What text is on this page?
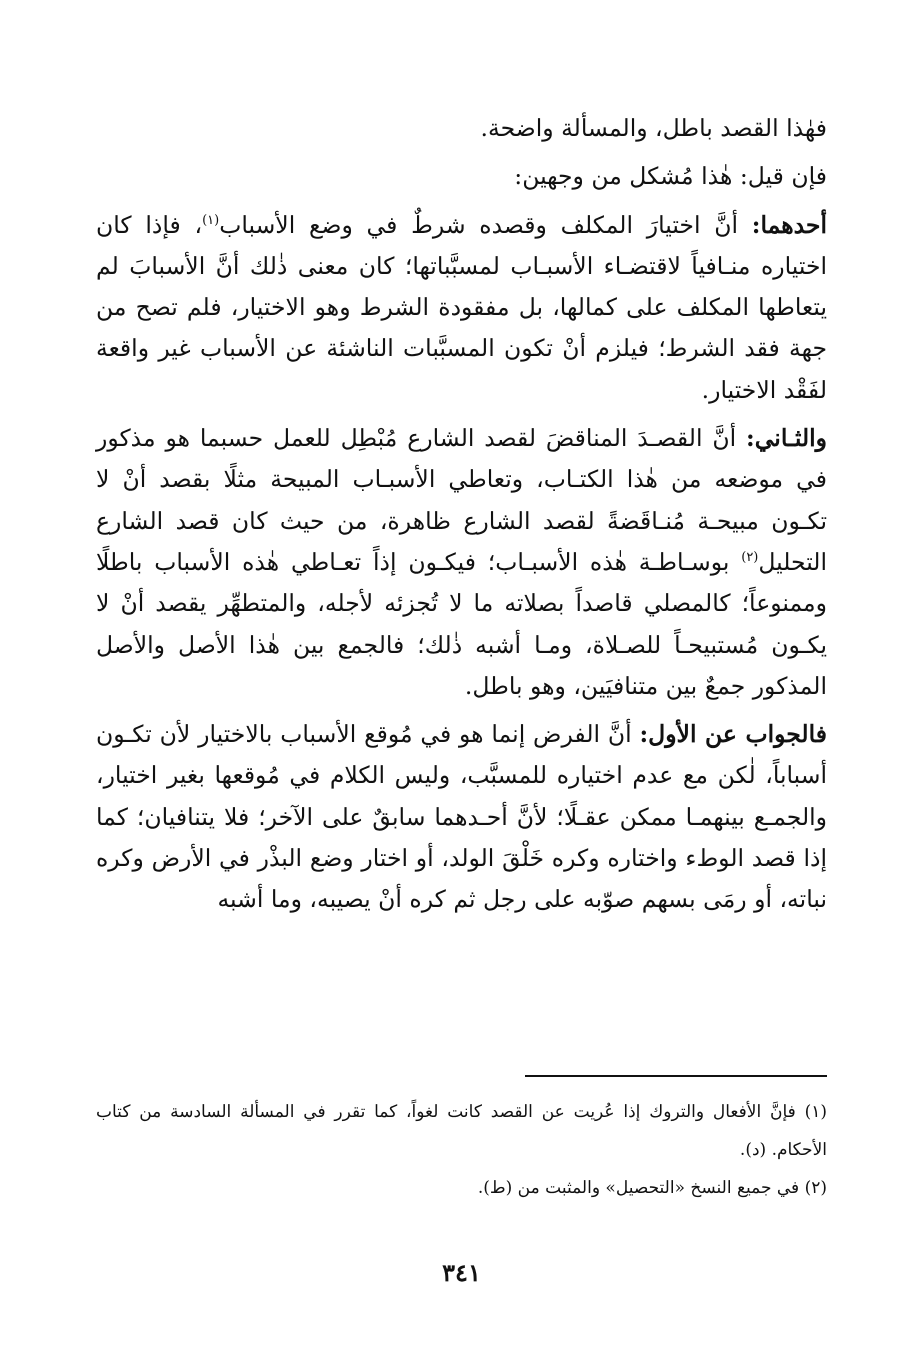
فهٰذا القصد باطل، والمسألة واضحة.

فإن قيل: هٰذا مُشكل من وجهين:

أحدهما: أنَّ اختيارَ المكلف وقصده شرطٌ في وضع الأسباب$^{(١)}$، فإذا كان اختياره منـافياً لاقتضـاء الأسبـاب لمسبَّباتها؛ كان معنى ذٰلك أنَّ الأسبابَ لم يتعاطها المكلف على كمالها، بل مفقودة الشرط وهو الاختيار، فلم تصح من جهة فقد الشرط؛ فيلزم أنْ تكون المسبَّبات الناشئة عن الأسباب غير واقعة لفَقْد الاختيار.

والثـاني: أنَّ القصـدَ المناقضَ لقصد الشارع مُبْطِل للعمل حسبما هو مذكور في موضعه من هٰذا الكتـاب، وتعاطي الأسبـاب المبيحة مثلًا بقصد أنْ لا تكـون مبيحـة مُنـاقَضةً لقصد الشارع ظاهرة، من حيث كان قصد الشارع التحليل$^{(٢)}$ بوسـاطـة هٰذه الأسبـاب؛ فيكـون إذاً تعـاطي هٰذه الأسباب باطلًا وممنوعاً؛ كالمصلي قاصداً بصلاته ما لا تُجزئه لأجله، والمتطهِّر يقصد أنْ لا يكـون مُستبيحـاً للصـلاة، ومـا أشبه ذٰلك؛ فالجمع بين هٰذا الأصل والأصل المذكور جمعٌ بين متنافيَين، وهو باطل.

فالجواب عن الأول: أنَّ الفرض إنما هو في مُوقع الأسباب بالاختيار لأن تكـون أسباباً، لٰكن مع عدم اختياره للمسبَّب، وليس الكلام في مُوقعها بغير اختيار، والجمـع بينهمـا ممكن عقـلًا؛ لأنَّ أحـدهما سابقٌ على الآخر؛ فلا يتنافيان؛ كما إذا قصد الوطء واختاره وكره خَلْقَ الولد، أو اختار وضع البذْر في الأرض وكره نباته، أو رمَى بسهم صوّبه على رجل ثم كره أنْ يصيبه، وما أشبه

(١) فإنَّ الأفعال والتروك إذا عُريت عن القصد كانت لغواً، كما تقرر في المسألة السادسة من كتاب الأحكام. (د).

(٢) في جميع النسخ «التحصيل» والمثبت من (ط).

٣٤١
